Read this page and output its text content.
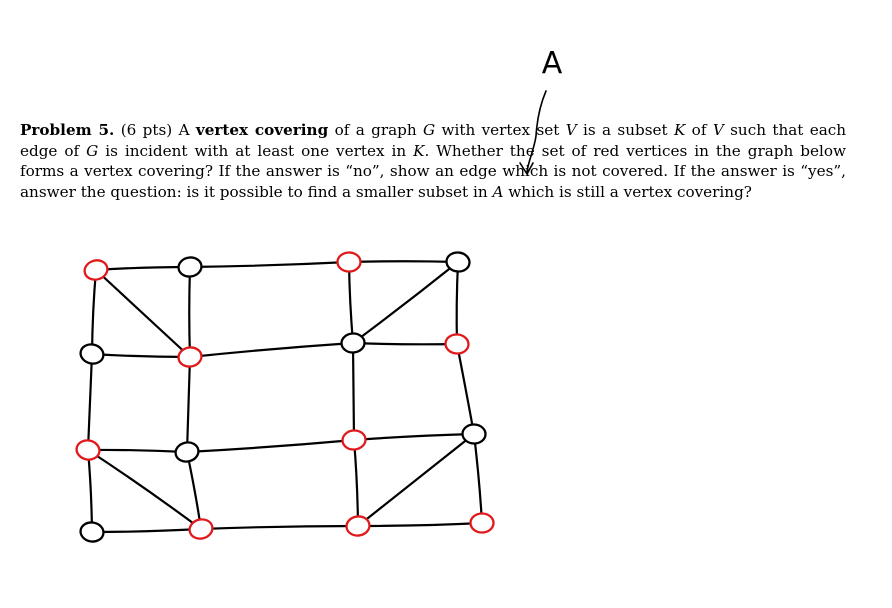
A

Problem 5. (6 pts) A vertex covering of a graph G with vertex set V is a subset K of V such that each edge of G is incident with at least one vertex in K. Whether the set of red vertices in the graph below forms a vertex covering? If the answer is “no”, show an edge which is not covered. If the answer is “yes”, answer the question: is it possible to find a smaller subset in A which is still a vertex covering?
